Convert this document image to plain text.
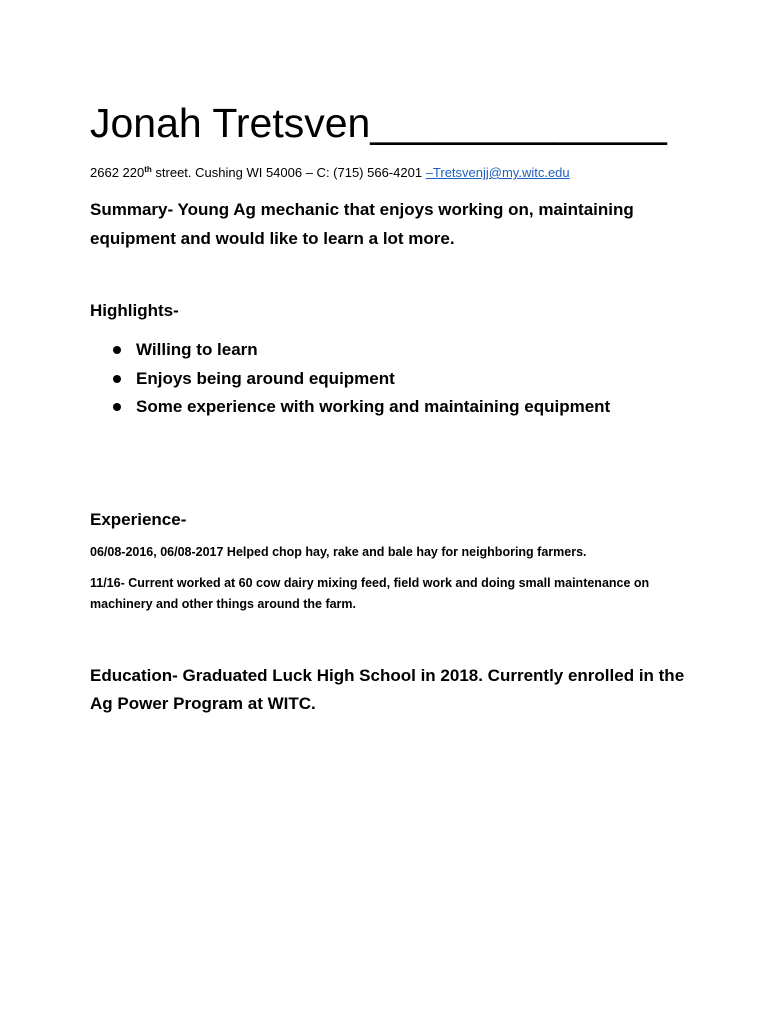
Jonah Tretsven_____________
2662 220th street. Cushing WI 54006 – C: (715) 566-4201 –Tretsvenjj@my.witc.edu
Summary- Young Ag mechanic that enjoys working on, maintaining equipment and would like to learn a lot more.
Highlights-
Willing to learn
Enjoys being around equipment
Some experience with working and maintaining equipment
Experience-
06/08-2016, 06/08-2017 Helped chop hay, rake and bale hay for neighboring farmers.
11/16- Current worked at 60 cow dairy mixing feed, field work and doing small maintenance on machinery and other things around the farm.
Education- Graduated Luck High School in 2018. Currently enrolled in the Ag Power Program at WITC.
